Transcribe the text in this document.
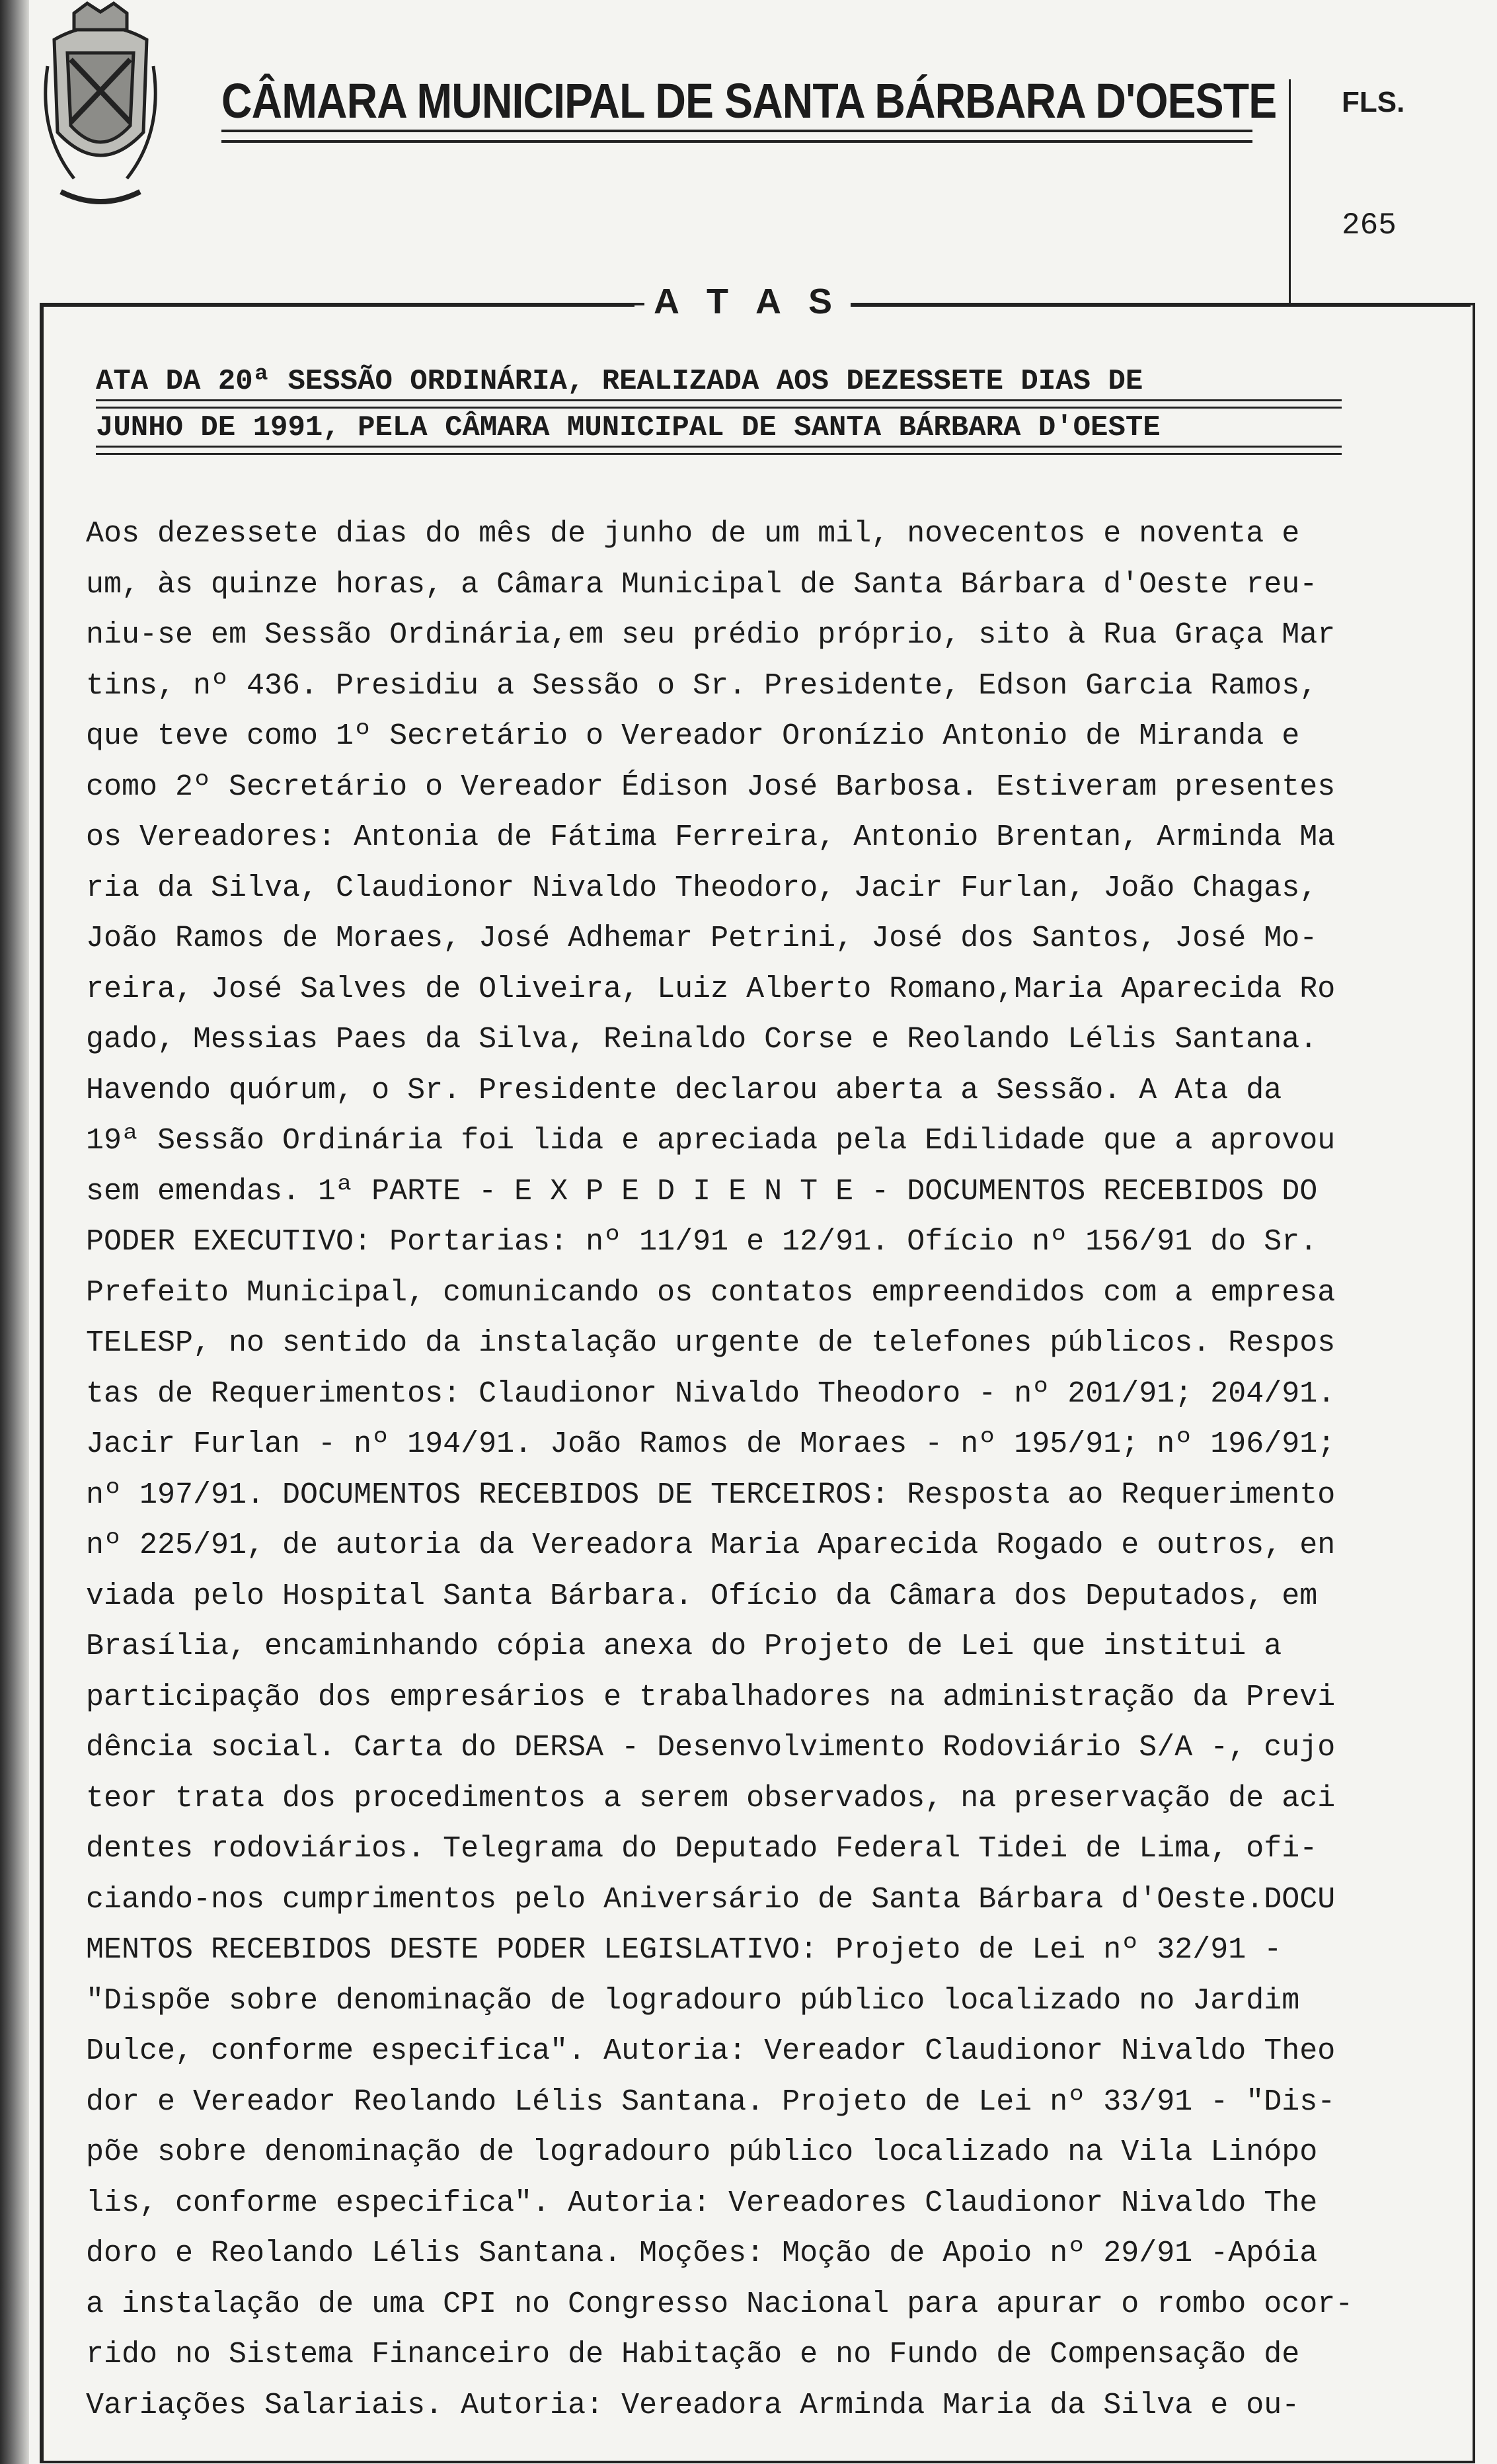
CÂMARA MUNICIPAL DE SANTA BÁRBARA D'OESTE FLS.
265
A T A S
ATA DA 20ª SESSÃO ORDINÁRIA, REALIZADA AOS DEZESSETE DIAS DE
JUNHO DE 1991, PELA CÂMARA MUNICIPAL DE SANTA BÁRBARA D'OESTE
Aos dezessete dias do mês de junho de um mil, novecentos e noventa e
um, às quinze horas, a Câmara Municipal de Santa Bárbara d'Oeste reu-
niu-se em Sessão Ordinária,em seu prédio próprio, sito à Rua Graça Mar
tins, nº 436. Presidiu a Sessão o Sr. Presidente, Edson Garcia Ramos,
que teve como 1º Secretário o Vereador Oronízio Antonio de Miranda e
como 2º Secretário o Vereador Édison José Barbosa. Estiveram presentes
os Vereadores: Antonia de Fátima Ferreira, Antonio Brentan, Arminda Ma
ria da Silva, Claudionor Nivaldo Theodoro, Jacir Furlan, João Chagas,
João Ramos de Moraes, José Adhemar Petrini, José dos Santos, José Mo-
reira, José Salves de Oliveira, Luiz Alberto Romano,Maria Aparecida Ro
gado, Messias Paes da Silva, Reinaldo Corse e Reolando Lélis Santana.
Havendo quórum, o Sr. Presidente declarou aberta a Sessão. A Ata da
19ª Sessão Ordinária foi lida e apreciada pela Edilidade que a aprovou
sem emendas. 1ª PARTE - E X P E D I E N T E - DOCUMENTOS RECEBIDOS DO
PODER EXECUTIVO: Portarias: nº 11/91 e 12/91. Ofício nº 156/91 do Sr.
Prefeito Municipal, comunicando os contatos empreendidos com a empresa
TELESP, no sentido da instalação urgente de telefones públicos. Respos
tas de Requerimentos: Claudionor Nivaldo Theodoro - nº 201/91; 204/91.
Jacir Furlan - nº 194/91. João Ramos de Moraes - nº 195/91; nº 196/91;
nº 197/91. DOCUMENTOS RECEBIDOS DE TERCEIROS: Resposta ao Requerimento
nº 225/91, de autoria da Vereadora Maria Aparecida Rogado e outros, en
viada pelo Hospital Santa Bárbara. Ofício da Câmara dos Deputados, em
Brasília, encaminhando cópia anexa do Projeto de Lei que institui a
participação dos empresários e trabalhadores na administração da Previ
dência social. Carta do DERSA - Desenvolvimento Rodoviário S/A -, cujo
teor trata dos procedimentos a serem observados, na preservação de aci
dentes rodoviários. Telegrama do Deputado Federal Tidei de Lima, ofi-
ciando-nos cumprimentos pelo Aniversário de Santa Bárbara d'Oeste.DOCU
MENTOS RECEBIDOS DESTE PODER LEGISLATIVO: Projeto de Lei nº 32/91 -
"Dispõe sobre denominação de logradouro público localizado no Jardim
Dulce, conforme especifica". Autoria: Vereador Claudionor Nivaldo Theo
dor e Vereador Reolando Lélis Santana. Projeto de Lei nº 33/91 - "Dis-
põe sobre denominação de logradouro público localizado na Vila Linópo
lis, conforme especifica". Autoria: Vereadores Claudionor Nivaldo The
doro e Reolando Lélis Santana. Moções: Moção de Apoio nº 29/91 -Apóia
a instalação de uma CPI no Congresso Nacional para apurar o rombo ocor-
rido no Sistema Financeiro de Habitação e no Fundo de Compensação de
Variações Salariais. Autoria: Vereadora Arminda Maria da Silva e ou-
